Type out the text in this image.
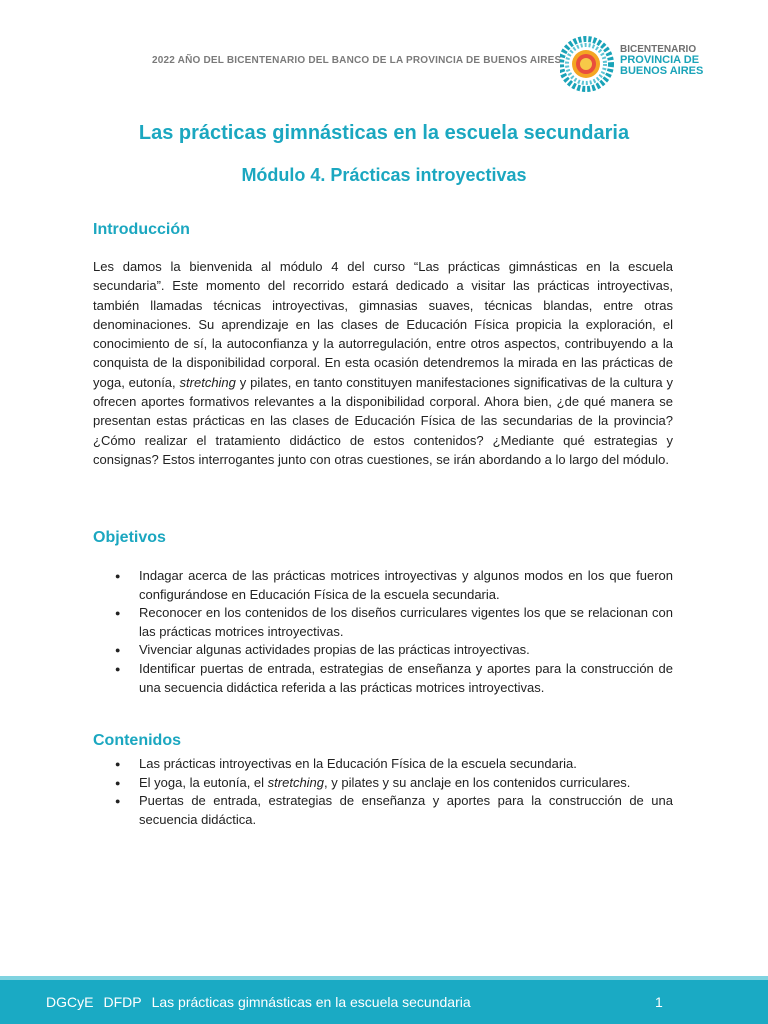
2022 AÑO DEL BICENTENARIO DEL BANCO DE LA PROVINCIA DE BUENOS AIRES
BICENTENARIO
PROVINCIA DE
BUENOS AIRES
Las prácticas gimnásticas en la escuela secundaria
Módulo 4. Prácticas introyectivas
Introducción
Les damos la bienvenida al módulo 4 del curso “Las prácticas gimnásticas en la escuela secundaria”. Este momento del recorrido estará dedicado a visitar las prácticas introyectivas, también llamadas técnicas introyectivas, gimnasias suaves, técnicas blandas, entre otras denominaciones. Su aprendizaje en las clases de Educación Física propicia la exploración, el conocimiento de sí, la autoconfianza y la autorregulación, entre otros aspectos, contribuyendo a la conquista de la disponibilidad corporal. En esta ocasión detendremos la mirada en las prácticas de yoga, eutonía, stretching y pilates, en tanto constituyen manifestaciones significativas de la cultura y ofrecen aportes formativos relevantes a la disponibilidad corporal. Ahora bien, ¿de qué manera se presentan estas prácticas en las clases de Educación Física de las secundarias de la provincia? ¿Cómo realizar el tratamiento didáctico de estos contenidos? ¿Mediante qué estrategias y consignas? Estos interrogantes junto con otras cuestiones, se irán abordando a lo largo del módulo.
Objetivos
● Indagar acerca de las prácticas motrices introyectivas y algunos modos en los que fueron configurándose en Educación Física de la escuela secundaria.
● Reconocer en los contenidos de los diseños curriculares vigentes los que se relacionan con las prácticas motrices introyectivas.
● Vivenciar algunas actividades propias de las prácticas introyectivas.
● Identificar puertas de entrada, estrategias de enseñanza y aportes para la construcción de una secuencia didáctica referida a las prácticas motrices introyectivas.
Contenidos
● Las prácticas introyectivas en la Educación Física de la escuela secundaria.
● El yoga, la eutonía, el stretching, y pilates y su anclaje en los contenidos curriculares.
● Puertas de entrada, estrategias de enseñanza y aportes para la construcción de una secuencia didáctica.
DGCyE DFDP Las prácticas gimnásticas en la escuela secundaria	1
